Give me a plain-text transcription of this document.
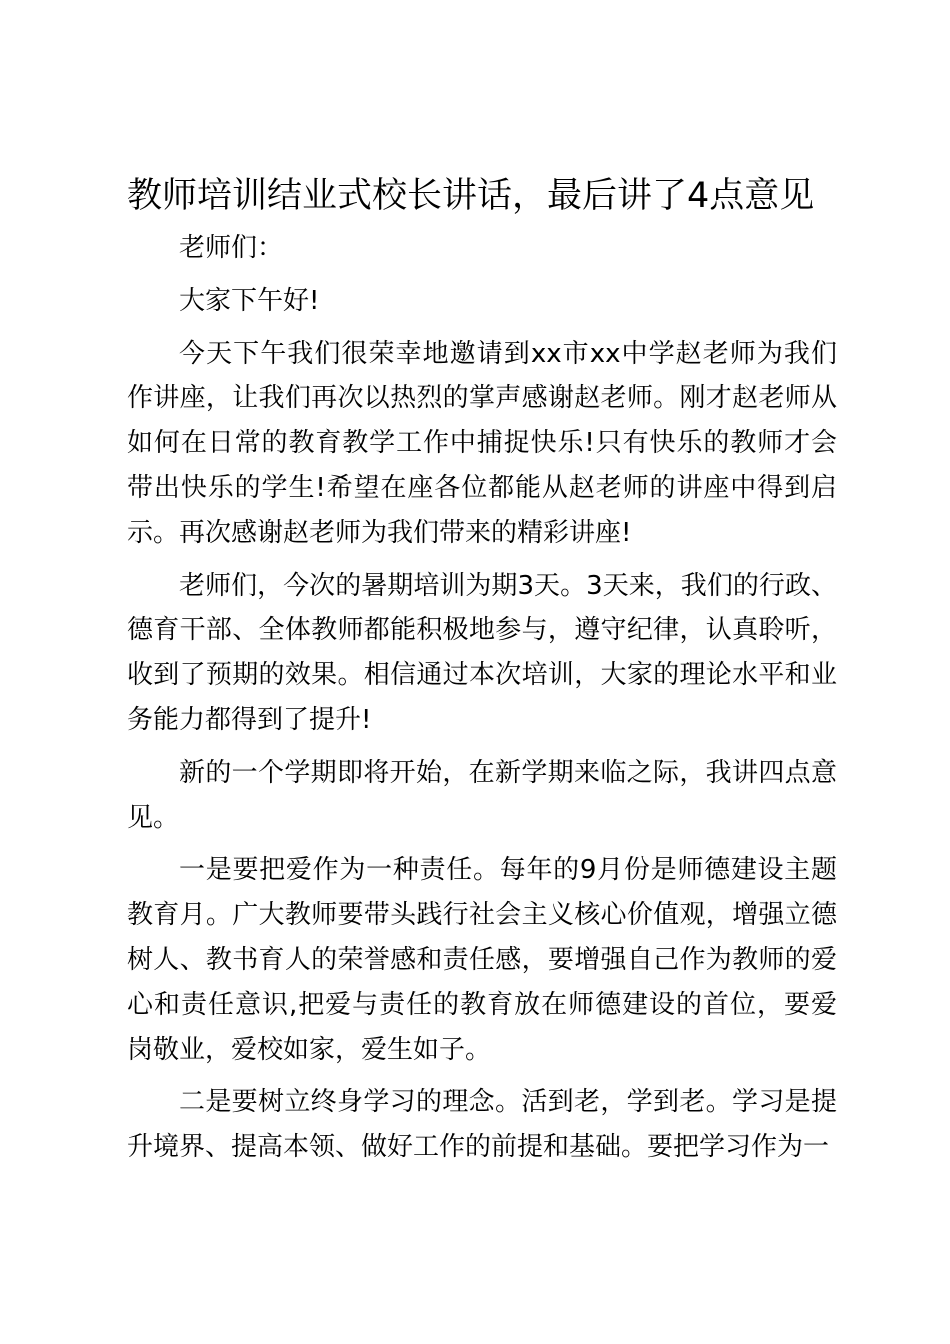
教师培训结业式校长讲话，最后讲了4点意见

老师们：

大家下午好!

今天下午我们很荣幸地邀请到xx市xx中学赵老师为我们作讲座，让我们再次以热烈的掌声感谢赵老师。刚才赵老师从如何在日常的教育教学工作中捕捉快乐!只有快乐的教师才会带出快乐的学生!希望在座各位都能从赵老师的讲座中得到启示。再次感谢赵老师为我们带来的精彩讲座!

老师们，今次的暑期培训为期3天。3天来，我们的行政、德育干部、全体教师都能积极地参与，遵守纪律，认真聆听，收到了预期的效果。相信通过本次培训，大家的理论水平和业务能力都得到了提升!

新的一个学期即将开始，在新学期来临之际，我讲四点意见。

一是要把爱作为一种责任。每年的9月份是师德建设主题教育月。广大教师要带头践行社会主义核心价值观，增强立德树人、教书育人的荣誉感和责任感，要增强自己作为教师的爱心和责任意识,把爱与责任的教育放在师德建设的首位，要爱岗敬业，爱校如家，爱生如子。

二是要树立终身学习的理念。活到老，学到老。学习是提升境界、提高本领、做好工作的前提和基础。要把学习作为一
